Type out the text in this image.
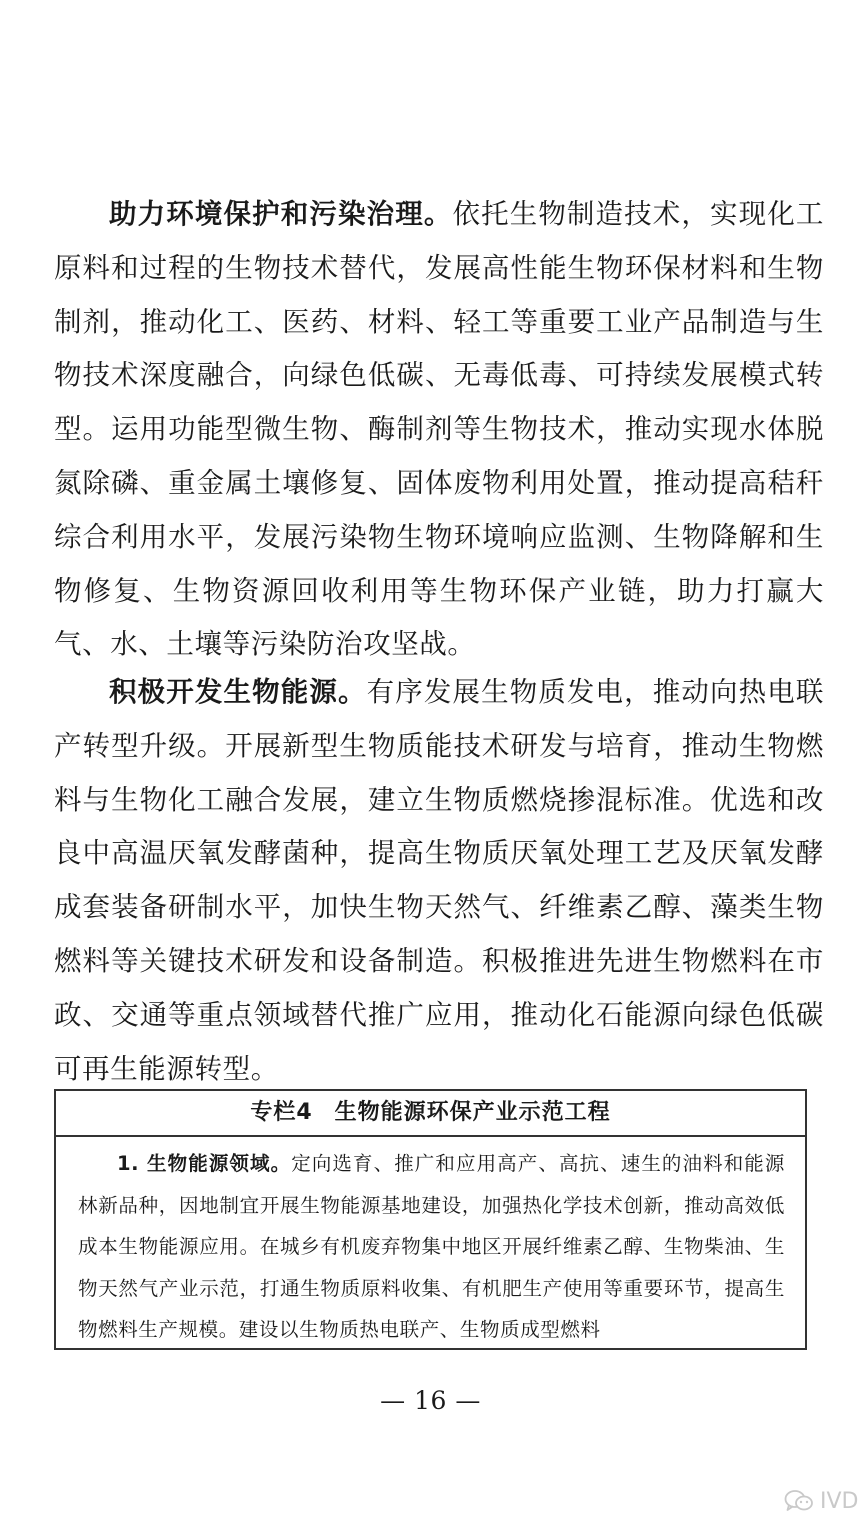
助力环境保护和污染治理。依托生物制造技术，实现化工原料和过程的生物技术替代，发展高性能生物环保材料和生物制剂，推动化工、医药、材料、轻工等重要工业产品制造与生物技术深度融合，向绿色低碳、无毒低毒、可持续发展模式转型。运用功能型微生物、酶制剂等生物技术，推动实现水体脱氮除磷、重金属土壤修复、固体废物利用处置，推动提高秸秆综合利用水平，发展污染物生物环境响应监测、生物降解和生物修复、生物资源回收利用等生物环保产业链，助力打赢大气、水、土壤等污染防治攻坚战。

积极开发生物能源。有序发展生物质发电，推动向热电联产转型升级。开展新型生物质能技术研发与培育，推动生物燃料与生物化工融合发展，建立生物质燃烧掺混标准。优选和改良中高温厌氧发酵菌种，提高生物质厌氧处理工艺及厌氧发酵成套装备研制水平，加快生物天然气、纤维素乙醇、藻类生物燃料等关键技术研发和设备制造。积极推进先进生物燃料在市政、交通等重点领域替代推广应用，推动化石能源向绿色低碳可再生能源转型。

专栏4 生物能源环保产业示范工程
1. 生物能源领域。定向选育、推广和应用高产、高抗、速生的油料和能源林新品种，因地制宜开展生物能源基地建设，加强热化学技术创新，推动高效低成本生物能源应用。在城乡有机废弃物集中地区开展纤维素乙醇、生物柴油、生物天然气产业示范，打通生物质原料收集、有机肥生产使用等重要环节，提高生物燃料生产规模。建设以生物质热电联产、生物质成型燃料
— 16 —
IVD
